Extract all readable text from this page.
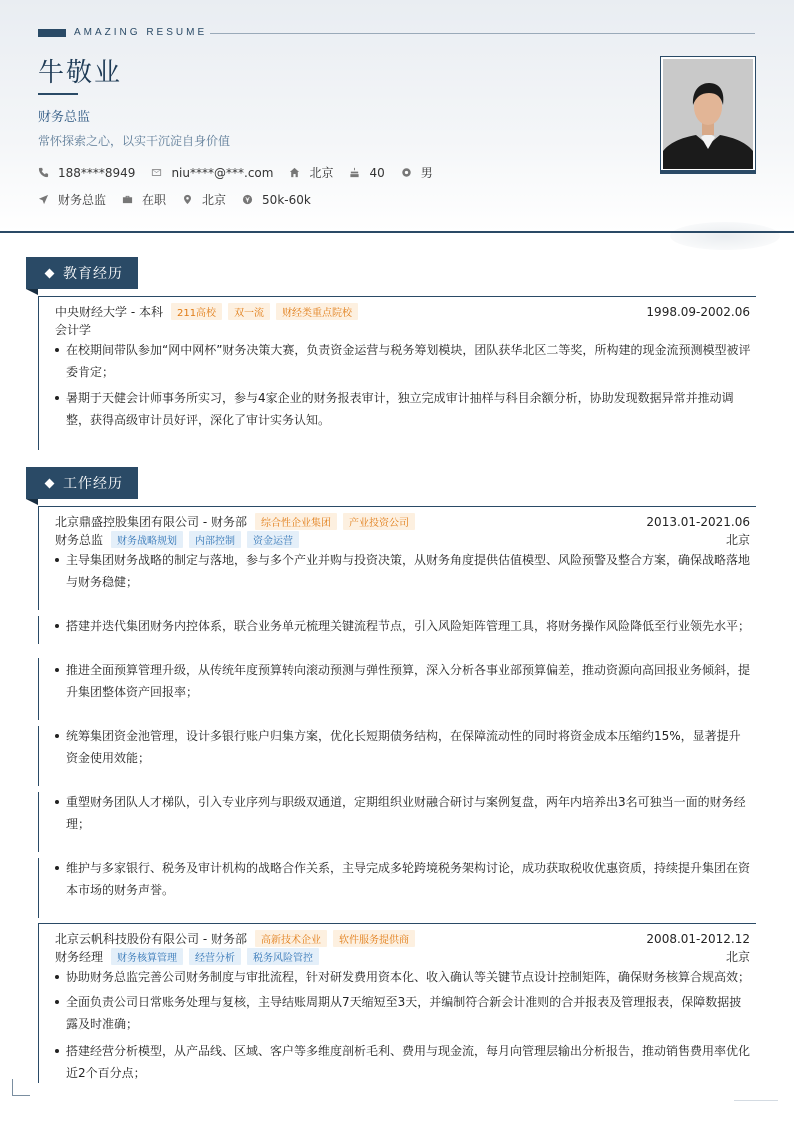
AMAZING RESUME
牛敬业
财务总监
常怀探索之心，以实干沉淀自身价值
188****8949	niu****@***.com	北京	40	男
财务总监	在职	北京	50k-60k
教育经历
中央财经大学 - 本科	211高校	双一流	财经类重点院校	1998.09-2002.06
会计学
在校期间带队参加“网中网杯”财务决策大赛，负责资金运营与税务筹划模块，团队获华北区二等奖，所构建的现金流预测模型被评委肯定；
暑期于天健会计师事务所实习，参与4家企业的财务报表审计，独立完成审计抽样与科目余额分析，协助发现数据异常并推动调整，获得高级审计员好评，深化了审计实务认知。
工作经历
北京鼎盛控股集团有限公司 - 财务部	综合性企业集团	产业投资公司	2013.01-2021.06
财务总监	财务战略规划	内部控制	资金运营	北京
主导集团财务战略的制定与落地，参与多个产业并购与投资决策，从财务角度提供估值模型、风险预警及整合方案，确保战略落地与财务稳健；
搭建并迭代集团财务内控体系，联合业务单元梳理关键流程节点，引入风险矩阵管理工具，将财务操作风险降低至行业领先水平；
推进全面预算管理升级，从传统年度预算转向滚动预测与弹性预算，深入分析各事业部预算偏差，推动资源向高回报业务倾斜，提升集团整体资产回报率；
统筹集团资金池管理，设计多银行账户归集方案，优化长短期债务结构，在保障流动性的同时将资金成本压缩约15%，显著提升资金使用效能；
重塑财务团队人才梯队，引入专业序列与职级双通道，定期组织业财融合研讨与案例复盘，两年内培养出3名可独当一面的财务经理；
维护与多家银行、税务及审计机构的战略合作关系，主导完成多轮跨境税务架构讨论，成功获取税收优惠资质，持续提升集团在资本市场的财务声誉。
北京云帆科技股份有限公司 - 财务部	高新技术企业	软件服务提供商	2008.01-2012.12
财务经理	财务核算管理	经营分析	税务风险管控	北京
协助财务总监完善公司财务制度与审批流程，针对研发费用资本化、收入确认等关键节点设计控制矩阵，确保财务核算合规高效；
全面负责公司日常账务处理与复核，主导结账周期从7天缩短至3天，并编制符合新会计准则的合并报表及管理报表，保障数据披露及时准确；
搭建经营分析模型，从产品线、区域、客户等多维度剖析毛利、费用与现金流，每月向管理层输出分析报告，推动销售费用率优化近2个百分点；
